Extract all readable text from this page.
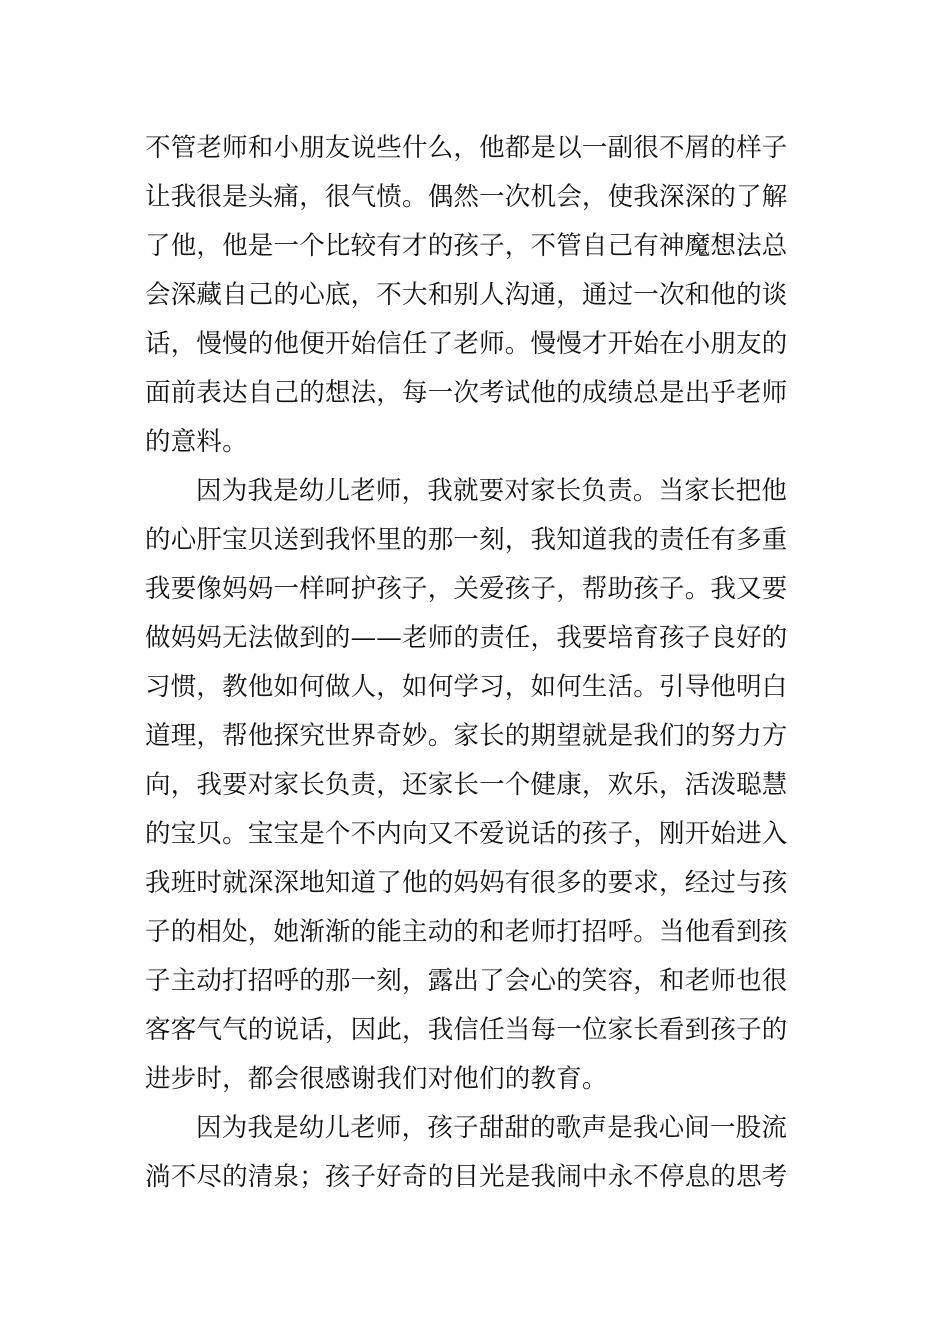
不管老师和小朋友说些什么，他都是以一副很不屑的样子
让我很是头痛，很气愤。偶然一次机会，使我深深的了解
了他，他是一个比较有才的孩子，不管自己有神魔想法总
会深藏自己的心底，不大和别人沟通，通过一次和他的谈
话，慢慢的他便开始信任了老师。慢慢才开始在小朋友的
面前表达自己的想法，每一次考试他的成绩总是出乎老师
的意料。
因为我是幼儿老师，我就要对家长负责。当家长把他
的心肝宝贝送到我怀里的那一刻，我知道我的责任有多重
我要像妈妈一样呵护孩子，关爱孩子，帮助孩子。我又要
做妈妈无法做到的——老师的责任，我要培育孩子良好的
习惯，教他如何做人，如何学习，如何生活。引导他明白
道理，帮他探究世界奇妙。家长的期望就是我们的努力方
向，我要对家长负责，还家长一个健康，欢乐，活泼聪慧
的宝贝。宝宝是个不内向又不爱说话的孩子，刚开始进入
我班时就深深地知道了他的妈妈有很多的要求，经过与孩
子的相处，她渐渐的能主动的和老师打招呼。当他看到孩
子主动打招呼的那一刻，露出了会心的笑容，和老师也很
客客气气的说话，因此，我信任当每一位家长看到孩子的
进步时，都会很感谢我们对他们的教育。
因为我是幼儿老师，孩子甜甜的歌声是我心间一股流
淌不尽的清泉；孩子好奇的目光是我闹中永不停息的思考
